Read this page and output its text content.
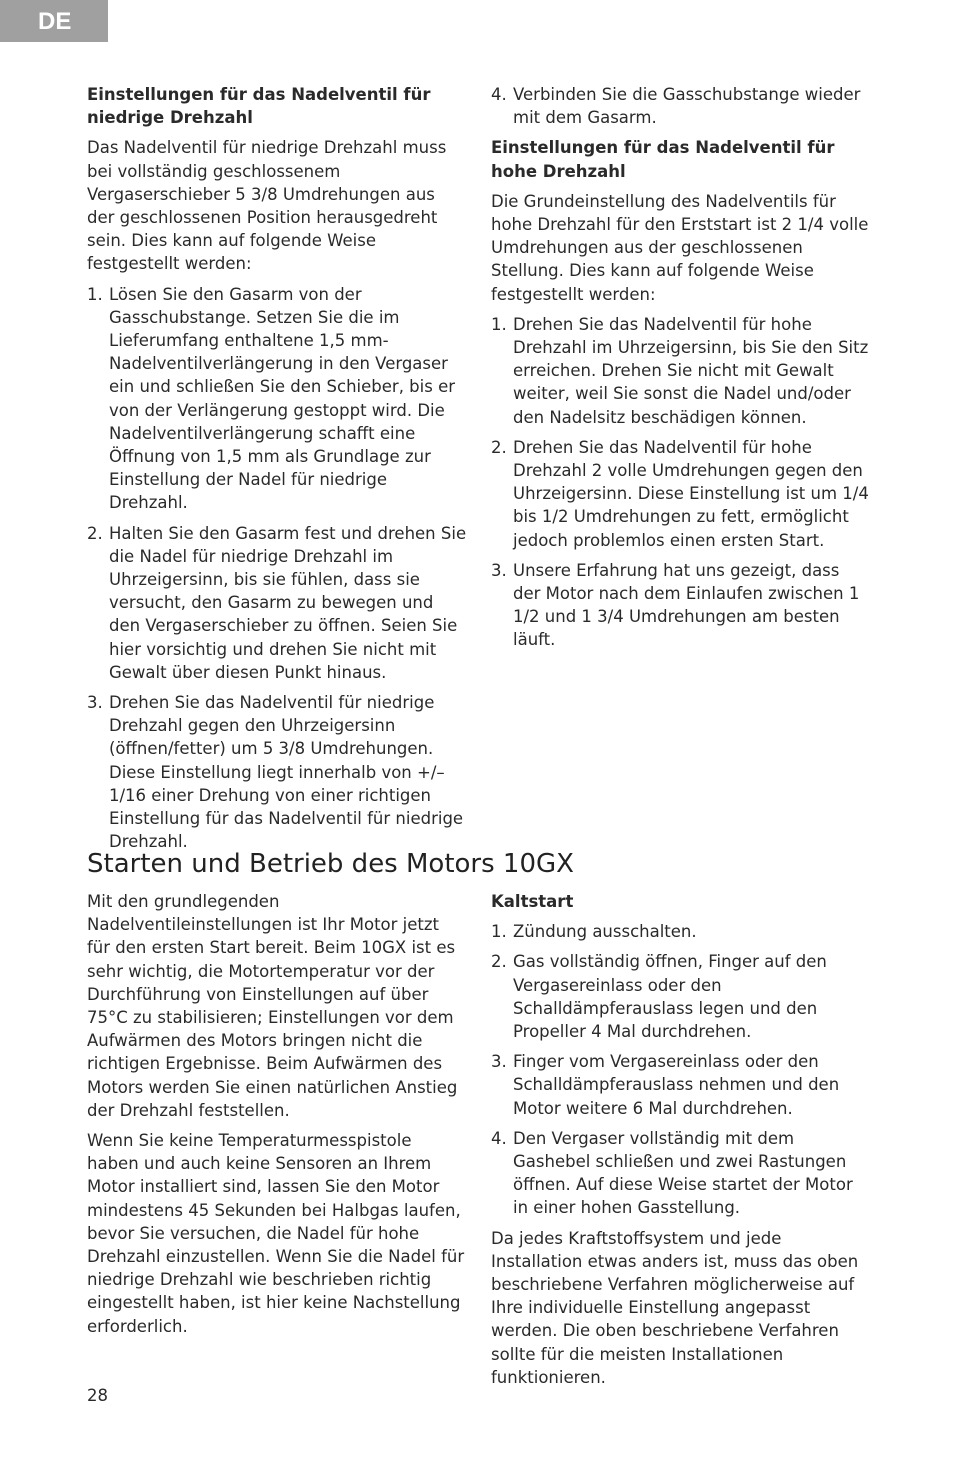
DE
Einstellungen für das Nadelventil für niedrige Drehzahl

Das Nadelventil für niedrige Drehzahl muss bei vollständig geschlossenem Vergaserschieber 5 3/8 Umdrehungen aus der geschlossenen Position herausgedreht sein. Dies kann auf folgende Weise festgestellt werden:

1. Lösen Sie den Gasarm von der Gasschubstange. Setzen Sie die im Lieferumfang enthaltene 1,5 mm-Nadelventilverlängerung in den Vergaser ein und schließen Sie den Schieber, bis er von der Verlängerung gestoppt wird. Die Nadelventilverlängerung schafft eine Öffnung von 1,5 mm als Grundlage zur Einstellung der Nadel für niedrige Drehzahl.
2. Halten Sie den Gasarm fest und drehen Sie die Nadel für niedrige Drehzahl im Uhrzeigersinn, bis sie fühlen, dass sie versucht, den Gasarm zu bewegen und den Vergaserschieber zu öffnen. Seien Sie hier vorsichtig und drehen Sie nicht mit Gewalt über diesen Punkt hinaus.
3. Drehen Sie das Nadelventil für niedrige Drehzahl gegen den Uhrzeigersinn (öffnen/fetter) um 5 3/8 Umdrehungen. Diese Einstellung liegt innerhalb von +/– 1/16 einer Drehung von einer richtigen Einstellung für das Nadelventil für niedrige Drehzahl.
4. Verbinden Sie die Gasschubstange wieder mit dem Gasarm.
Einstellungen für das Nadelventil für hohe Drehzahl

Die Grundeinstellung des Nadelventils für hohe Drehzahl für den Erststart ist 2 1/4 volle Umdrehungen aus der geschlossenen Stellung. Dies kann auf folgende Weise festgestellt werden:

1. Drehen Sie das Nadelventil für hohe Drehzahl im Uhrzeigersinn, bis Sie den Sitz erreichen. Drehen Sie nicht mit Gewalt weiter, weil Sie sonst die Nadel und/oder den Nadelsitz beschädigen können.
2. Drehen Sie das Nadelventil für hohe Drehzahl 2 volle Umdrehungen gegen den Uhrzeigersinn. Diese Einstellung ist um 1/4 bis 1/2 Umdrehungen zu fett, ermöglicht jedoch problemlos einen ersten Start.
3. Unsere Erfahrung hat uns gezeigt, dass der Motor nach dem Einlaufen zwischen 1 1/2 und 1 3/4 Umdrehungen am besten läuft.
Starten und Betrieb des Motors 10GX

Mit den grundlegenden Nadelventileinstellungen ist Ihr Motor jetzt für den ersten Start bereit. Beim 10GX ist es sehr wichtig, die Motortemperatur vor der Durchführung von Einstellungen auf über 75°C zu stabilisieren; Einstellungen vor dem Aufwärmen des Motors bringen nicht die richtigen Ergebnisse. Beim Aufwärmen des Motors werden Sie einen natürlichen Anstieg der Drehzahl feststellen.

Wenn Sie keine Temperaturmesspistole haben und auch keine Sensoren an Ihrem Motor installiert sind, lassen Sie den Motor mindestens 45 Sekunden bei Halbgas laufen, bevor Sie versuchen, die Nadel für hohe Drehzahl einzustellen. Wenn Sie die Nadel für niedrige Drehzahl wie beschrieben richtig eingestellt haben, ist hier keine Nachstellung erforderlich.

Kaltstart
1. Zündung ausschalten.
2. Gas vollständig öffnen, Finger auf den Vergasereinlass oder den Schalldämpferauslass legen und den Propeller 4 Mal durchdrehen.
3. Finger vom Vergasereinlass oder den Schalldämpferauslass nehmen und den Motor weitere 6 Mal durchdrehen.
4. Den Vergaser vollständig mit dem Gashebel schließen und zwei Rastungen öffnen. Auf diese Weise startet der Motor in einer hohen Gasstellung.

Da jedes Kraftstoffsystem und jede Installation etwas anders ist, muss das oben beschriebene Verfahren möglicherweise auf Ihre individuelle Einstellung angepasst werden. Die oben beschriebene Verfahren sollte für die meisten Installationen funktionieren.

28
